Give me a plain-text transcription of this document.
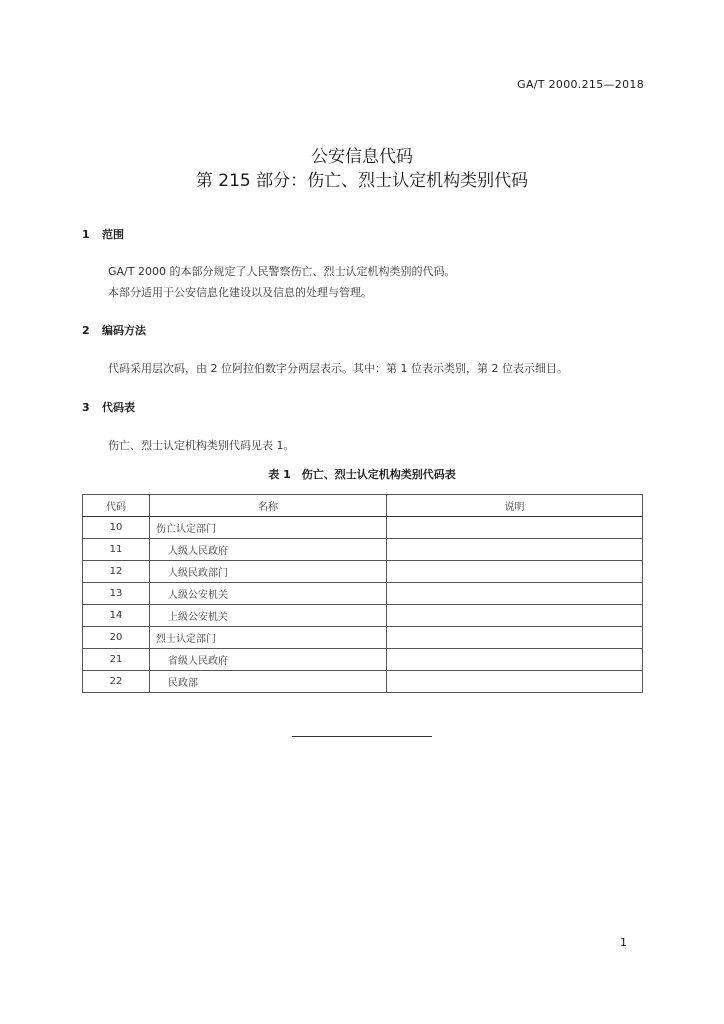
GA/T 2000.215—2018
公安信息代码
第 215 部分：伤亡、烈士认定机构类别代码
1 范围
GA/T 2000 的本部分规定了人民警察伤亡、烈士认定机构类别的代码。
本部分适用于公安信息化建设以及信息的处理与管理。
2 编码方法
代码采用层次码，由 2 位阿拉伯数字分两层表示。其中：第 1 位表示类别，第 2 位表示细目。
3 代码表
伤亡、烈士认定机构类别代码见表 1。
表 1　伤亡、烈士认定机构类别代码表
代码	名称	说明
10	伤亡认定部门	
11	人级人民政府	
12	人级民政部门	
13	人级公安机关	
14	上级公安机关	
20	烈士认定部门	
21	省级人民政府	
22	民政部	
1
